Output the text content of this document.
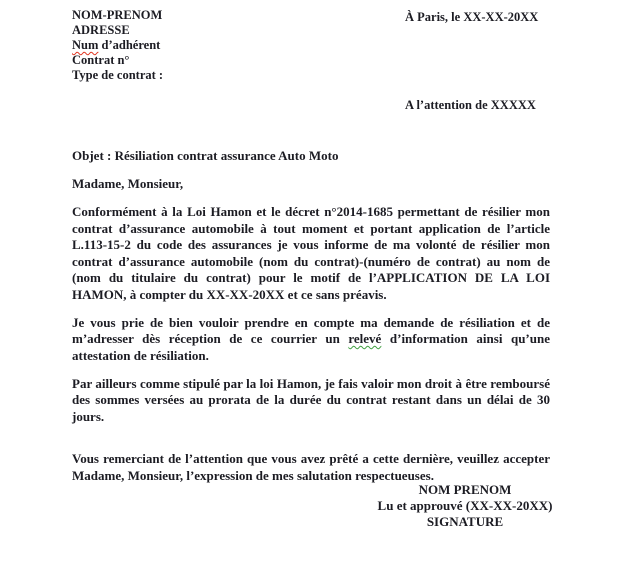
NOM-PRENOM
ADRESSE
Num d’adhérent
Contrat n°
Type de contrat :
À Paris, le XX-XX-20XX
A l’attention de XXXXX

Objet : Résiliation contrat assurance Auto Moto

Madame, Monsieur,

Conformément à la Loi Hamon et le décret n°2014-1685 permettant de résilier mon contrat d’assurance automobile à tout moment et portant application de l’article L.113-15-2 du code des assurances je vous informe de ma volonté de résilier mon contrat d’assurance automobile (nom du contrat)-(numéro de contrat) au nom de (nom du titulaire du contrat) pour le motif de l’APPLICATION DE LA LOI HAMON, à compter du XX-XX-20XX et ce sans préavis.

Je vous prie de bien vouloir prendre en compte ma demande de résiliation et de m’adresser dès réception de ce courrier un relevé d’information ainsi qu’une attestation de résiliation.

Par ailleurs comme stipulé par la loi Hamon, je fais valoir mon droit à être remboursé des sommes versées au prorata de la durée du contrat restant dans un délai de 30 jours.

Vous remerciant de l’attention que vous avez prêté a cette dernière, veuillez accepter Madame, Monsieur, l’expression de mes salutation respectueuses.

NOM PRENOM
Lu et approuvé (XX-XX-20XX)
SIGNATURE
